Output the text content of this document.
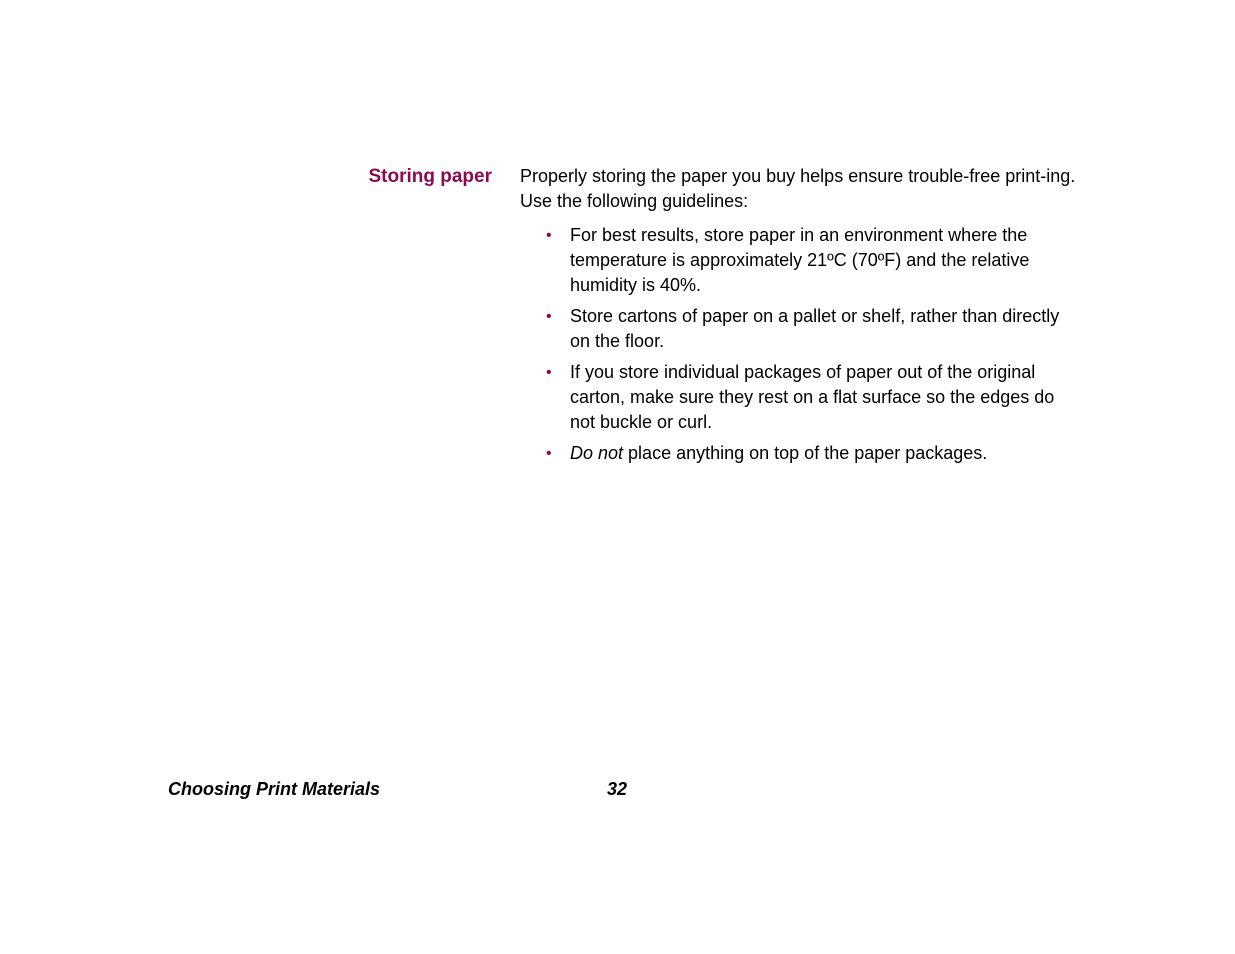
Storing paper Properly storing the paper you buy helps ensure trouble-free print-ing. Use the following guidelines:

• For best results, store paper in an environment where the temperature is approximately 21ºC (70ºF) and the relative humidity is 40%.
• Store cartons of paper on a pallet or shelf, rather than directly on the floor.
• If you store individual packages of paper out of the original carton, make sure they rest on a flat surface so the edges do not buckle or curl.
• Do not place anything on top of the paper packages.
Choosing Print Materials	32
